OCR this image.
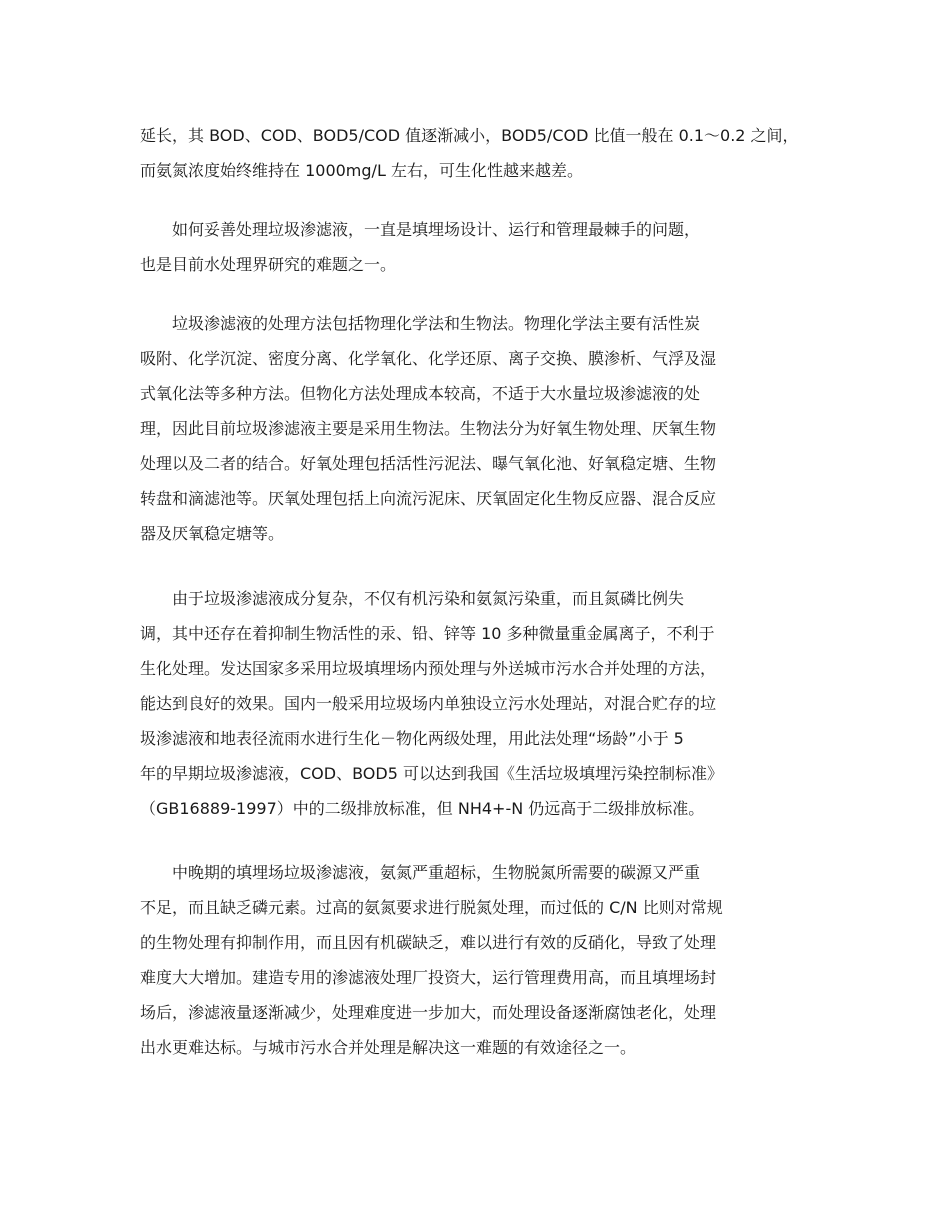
延长，其 BOD、COD、BOD5/COD 值逐渐减小，BOD5/COD 比值一般在 0.1～0.2 之间，
而氨氮浓度始终维持在 1000mg/L 左右，可生化性越来越差。
　　如何妥善处理垃圾渗滤液，一直是填埋场设计、运行和管理最棘手的问题，
也是目前水处理界研究的难题之一。
　　垃圾渗滤液的处理方法包括物理化学法和生物法。物理化学法主要有活性炭
吸附、化学沉淀、密度分离、化学氧化、化学还原、离子交换、膜渗析、气浮及湿
式氧化法等多种方法。但物化方法处理成本较高，不适于大水量垃圾渗滤液的处
理，因此目前垃圾渗滤液主要是采用生物法。生物法分为好氧生物处理、厌氧生物
处理以及二者的结合。好氧处理包括活性污泥法、曝气氧化池、好氧稳定塘、生物
转盘和滴滤池等。厌氧处理包括上向流污泥床、厌氧固定化生物反应器、混合反应
器及厌氧稳定塘等。
　　由于垃圾渗滤液成分复杂，不仅有机污染和氨氮污染重，而且氮磷比例失
调，其中还存在着抑制生物活性的汞、铅、锌等 10 多种微量重金属离子，不利于
生化处理。发达国家多采用垃圾填埋场内预处理与外送城市污水合并处理的方法，
能达到良好的效果。国内一般采用垃圾场内单独设立污水处理站，对混合贮存的垃
圾渗滤液和地表径流雨水进行生化－物化两级处理，用此法处理“场龄”小于 5
年的早期垃圾渗滤液，COD、BOD5 可以达到我国《生活垃圾填埋污染控制标准》
（GB16889-1997）中的二级排放标准，但 NH4+-N 仍远高于二级排放标准。
　　中晚期的填埋场垃圾渗滤液，氨氮严重超标，生物脱氮所需要的碳源又严重
不足，而且缺乏磷元素。过高的氨氮要求进行脱氮处理，而过低的 C/N 比则对常规
的生物处理有抑制作用，而且因有机碳缺乏，难以进行有效的反硝化，导致了处理
难度大大增加。建造专用的渗滤液处理厂投资大，运行管理费用高，而且填埋场封
场后，渗滤液量逐渐减少，处理难度进一步加大，而处理设备逐渐腐蚀老化，处理
出水更难达标。与城市污水合并处理是解决这一难题的有效途径之一。
